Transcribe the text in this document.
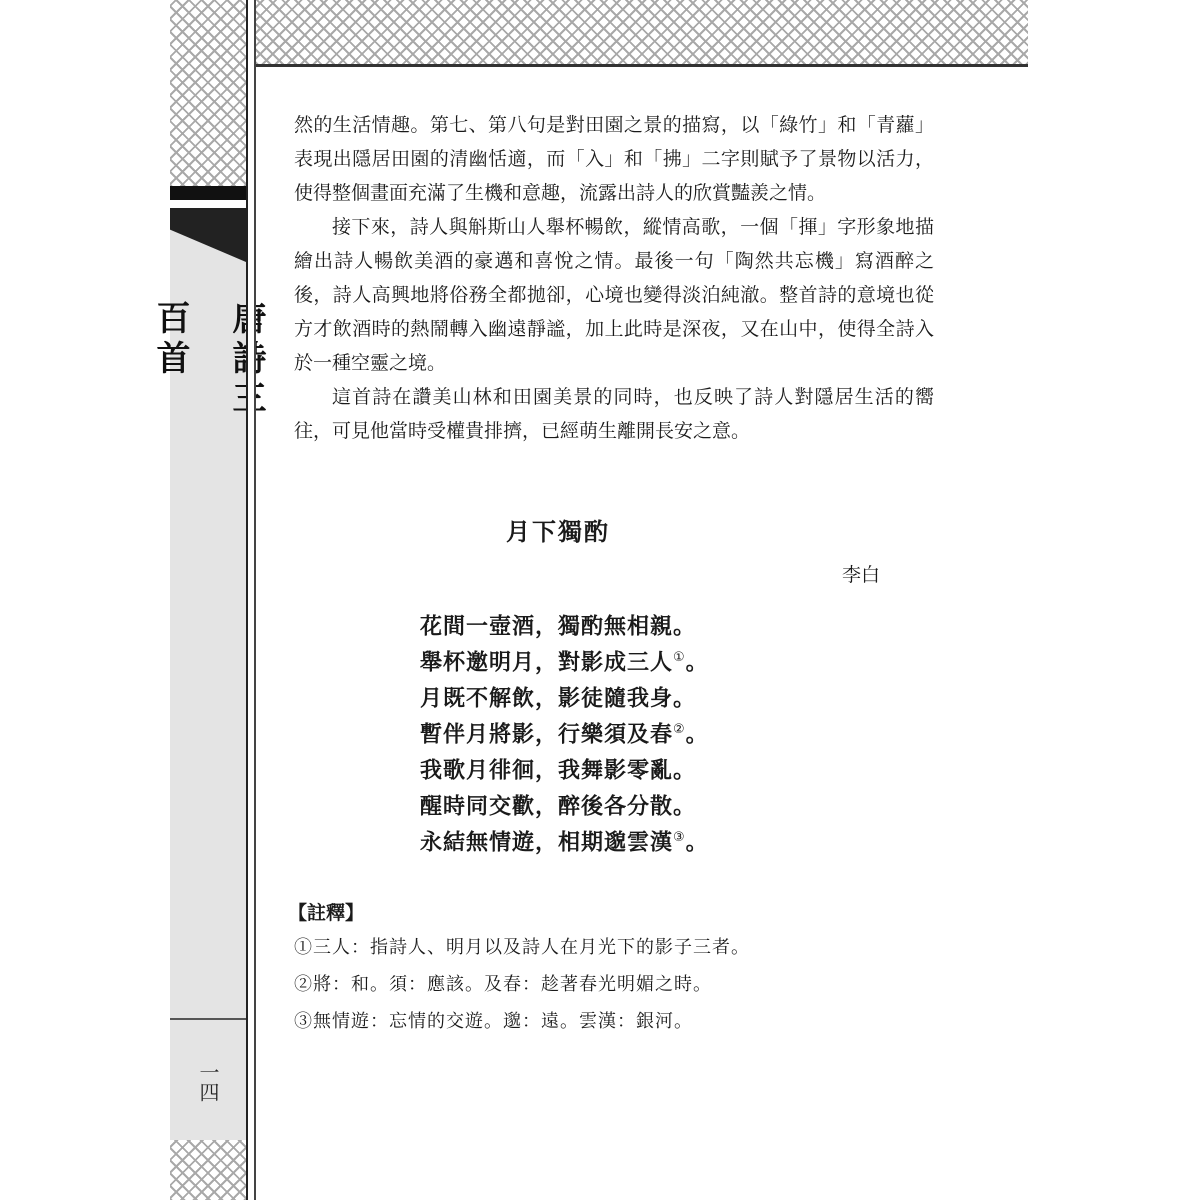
百首
一四

然的生活情趣。第七、第八句是對田園之景的描寫，以「綠竹」和「青蘿」表現出隱居田園的清幽恬適，而「入」和「拂」二字則賦予了景物以活力，使得整個畫面充滿了生機和意趣，流露出詩人的欣賞豔羨之情。

接下來，詩人與斛斯山人舉杯暢飲，縱情高歌，一個「揮」字形象地描繪出詩人暢飲美酒的豪邁和喜悅之情。最後一句「陶然共忘機」寫酒醉之後，詩人高興地將俗務全都拋卻，心境也變得淡泊純澈。整首詩的意境也從方才飲酒時的熱鬧轉入幽遠靜謐，加上此時是深夜，又在山中，使得全詩入於一種空靈之境。

這首詩在讚美山林和田園美景的同時，也反映了詩人對隱居生活的嚮往，可見他當時受權貴排擠，已經萌生離開長安之意。

月下獨酌
李白
花間一壺酒，獨酌無相親。
舉杯邀明月，對影成三人①。
月既不解飲，影徒隨我身。
暫伴月將影，行樂須及春②。
我歌月徘徊，我舞影零亂。
醒時同交歡，醉後各分散。
永結無情遊，相期邈雲漢③。
【註釋】
①三人：指詩人、明月以及詩人在月光下的影子三者。
②將：和。須：應該。及春：趁著春光明媚之時。
③無情遊：忘情的交遊。邈：遠。雲漢：銀河。
